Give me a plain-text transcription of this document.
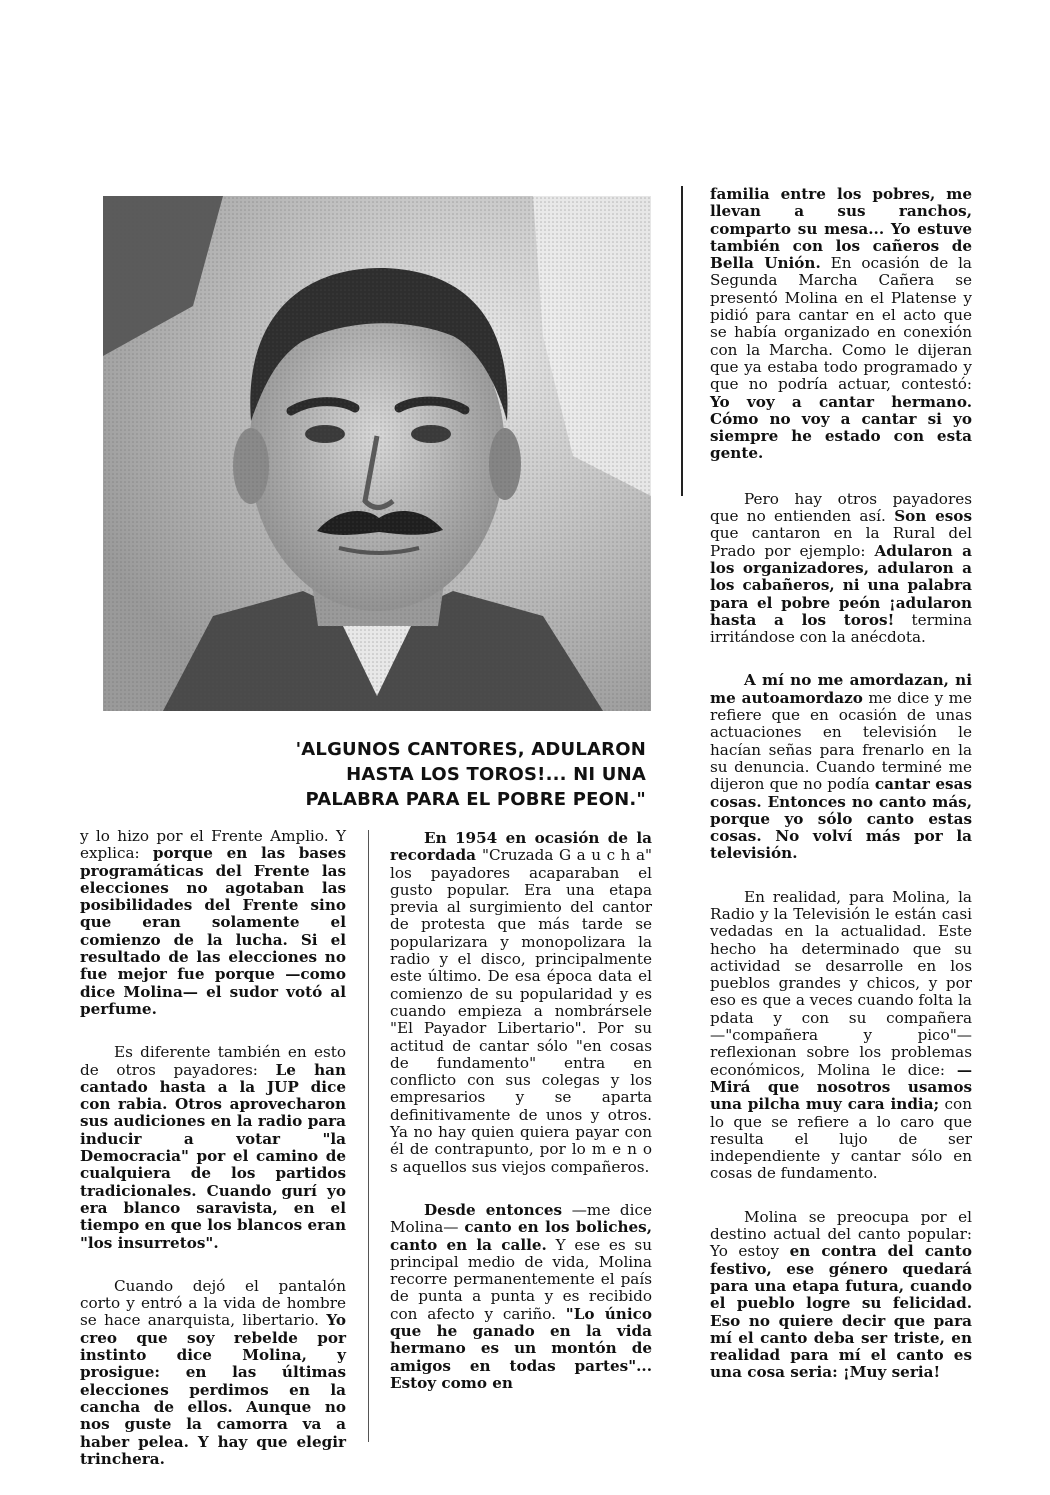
'ALGUNOS CANTORES, ADULARON HASTA LOS TOROS!... NI UNA PALABRA PARA EL POBRE PEON."

y lo hizo por el Frente Amplio. Y explica: porque en las bases programáticas del Frente las elecciones no agotaban las posibilidades del Frente sino que eran solamente el comienzo de la lucha. Si el resultado de las elecciones no fue mejor fue porque —como dice Molina— el sudor votó al perfume.

Es diferente también en esto de otros payadores: Le han cantado hasta a la JUP dice con rabia. Otros aprovecharon sus audiciones en la radio para inducir a votar "la Democracia" por el camino de cualquiera de los partidos tradicionales. Cuando gurí yo era blanco saravista, en el tiempo en que los blancos eran "los insurretos".

Cuando dejó el pantalón corto y entró a la vida de hombre se hace anarquista, libertario. Yo creo que soy rebelde por instinto dice Molina, y prosigue: en las últimas elecciones perdimos en la cancha de ellos. Aunque no nos guste la camorra va a haber pelea. Y hay que elegir trinchera.

En 1954 en ocasión de la recordada "Cruzada G a u c h a" los payadores acaparaban el gusto popular. Era una etapa previa al surgimiento del cantor de protesta que más tarde se popularizara y monopolizara la radio y el disco, principalmente este último. De esa época data el comienzo de su popularidad y es cuando empieza a nombrársele "El Payador Libertario". Por su actitud de cantar sólo "en cosas de fundamento" entra en conflicto con sus colegas y los empresarios y se aparta definitivamente de unos y otros. Ya no hay quien quiera payar con él de contrapunto, por lo m e n o s aquellos sus viejos compañeros.

Desde entonces —me dice Molina— canto en los boliches, canto en la calle. Y ese es su principal medio de vida, Molina recorre permanentemente el país de punta a punta y es recibido con afecto y cariño. "Lo único que he ganado en la vida hermano es un montón de amigos en todas partes"... Estoy como en

familia entre los pobres, me llevan a sus ranchos, comparto su mesa... Yo estuve también con los cañeros de Bella Unión. En ocasión de la Segunda Marcha Cañera se presentó Molina en el Platense y pidió para cantar en el acto que se había organizado en conexión con la Marcha. Como le dijeran que ya estaba todo programado y que no podría actuar, contestó: Yo voy a cantar hermano. Cómo no voy a cantar si yo siempre he estado con esta gente.

Pero hay otros payadores que no entienden así. Son esos que cantaron en la Rural del Prado por ejemplo: Adularon a los organizadores, adularon a los cabañeros, ni una palabra para el pobre peón ¡adularon hasta a los toros! termina irritándose con la anécdota.

A mí no me amordazan, ni me autoamordazo me dice y me refiere que en ocasión de unas actuaciones en televisión le hacían señas para frenarlo en la su denuncia. Cuando terminé me dijeron que no podía cantar esas cosas. Entonces no canto más, porque yo sólo canto estas cosas. No volví más por la televisión.

En realidad, para Molina, la Radio y la Televisión le están casi vedadas en la actualidad. Este hecho ha determinado que su actividad se desarrolle en los pueblos grandes y chicos, y por eso es que a veces cuando folta la pdata y con su compañera —"compañera y pico"— reflexionan sobre los problemas económicos, Molina le dice: —Mirá que nosotros usamos una pilcha muy cara india; con lo que se refiere a lo caro que resulta el lujo de ser independiente y cantar sólo en cosas de fundamento.

Molina se preocupa por el destino actual del canto popular: Yo estoy en contra del canto festivo, ese género quedará para una etapa futura, cuando el pueblo logre su felicidad. Eso no quiere decir que para mí el canto deba ser triste, en realidad para mí el canto es una cosa seria: ¡Muy seria!
